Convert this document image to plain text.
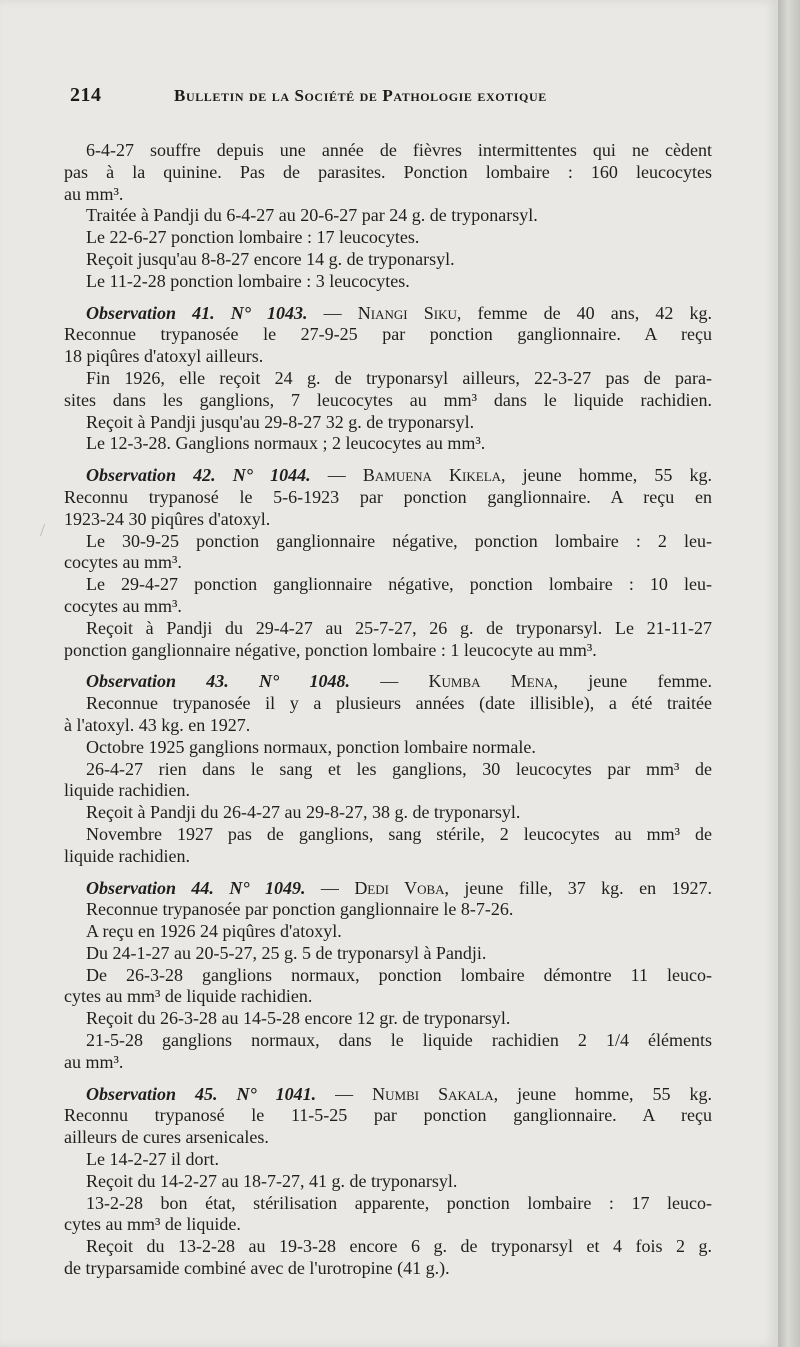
214	Bulletin de la Société de Pathologie exotique
6-4-27 souffre depuis une année de fièvres intermittentes qui ne cèdent
pas à la quinine. Pas de parasites. Ponction lombaire : 160 leucocytes
au mm³.
Traitée à Pandji du 6-4-27 au 20-6-27 par 24 g. de tryponarsyl.
Le 22-6-27 ponction lombaire : 17 leucocytes.
Reçoit jusqu'au 8-8-27 encore 14 g. de tryponarsyl.
Le 11-2-28 ponction lombaire : 3 leucocytes.
Observation 41. N° 1043. — Niangi Siku, femme de 40 ans, 42 kg.
Reconnue trypanosée le 27-9-25 par ponction ganglionnaire. A reçu
18 piqûres d'atoxyl ailleurs.
Fin 1926, elle reçoit 24 g. de tryponarsyl ailleurs, 22-3-27 pas de para-
sites dans les ganglions, 7 leucocytes au mm³ dans le liquide rachidien.
Reçoit à Pandji jusqu'au 29-8-27 32 g. de tryponarsyl.
Le 12-3-28. Ganglions normaux ; 2 leucocytes au mm³.
Observation 42. N° 1044. — Bamuena Kikela, jeune homme, 55 kg.
Reconnu trypanosé le 5-6-1923 par ponction ganglionnaire. A reçu en
1923-24 30 piqûres d'atoxyl.
Le 30-9-25 ponction ganglionnaire négative, ponction lombaire : 2 leu-
cocytes au mm³.
Le 29-4-27 ponction ganglionnaire négative, ponction lombaire : 10 leu-
cocytes au mm³.
Reçoit à Pandji du 29-4-27 au 25-7-27, 26 g. de tryponarsyl. Le 21-11-27
ponction ganglionnaire négative, ponction lombaire : 1 leucocyte au mm³.
Observation 43. N° 1048. — Kumba Mena, jeune femme.
Reconnue trypanosée il y a plusieurs années (date illisible), a été traitée
à l'atoxyl. 43 kg. en 1927.
Octobre 1925 ganglions normaux, ponction lombaire normale.
26-4-27 rien dans le sang et les ganglions, 30 leucocytes par mm³ de
liquide rachidien.
Reçoit à Pandji du 26-4-27 au 29-8-27, 38 g. de tryponarsyl.
Novembre 1927 pas de ganglions, sang stérile, 2 leucocytes au mm³ de
liquide rachidien.
Observation 44. N° 1049. — Dedi Voba, jeune fille, 37 kg. en 1927.
Reconnue trypanosée par ponction ganglionnaire le 8-7-26.
A reçu en 1926 24 piqûres d'atoxyl.
Du 24-1-27 au 20-5-27, 25 g. 5 de tryponarsyl à Pandji.
De 26-3-28 ganglions normaux, ponction lombaire démontre 11 leuco-
cytes au mm³ de liquide rachidien.
Reçoit du 26-3-28 au 14-5-28 encore 12 gr. de tryponarsyl.
21-5-28 ganglions normaux, dans le liquide rachidien 2 1/4 éléments
au mm³.
Observation 45. N° 1041. — Numbi Sakala, jeune homme, 55 kg.
Reconnu trypanosé le 11-5-25 par ponction ganglionnaire. A reçu
ailleurs de cures arsenicales.
Le 14-2-27 il dort.
Reçoit du 14-2-27 au 18-7-27, 41 g. de tryponarsyl.
13-2-28 bon état, stérilisation apparente, ponction lombaire : 17 leuco-
cytes au mm³ de liquide.
Reçoit du 13-2-28 au 19-3-28 encore 6 g. de tryponarsyl et 4 fois 2 g.
de tryparsamide combiné avec de l'urotropine (41 g.).
/
